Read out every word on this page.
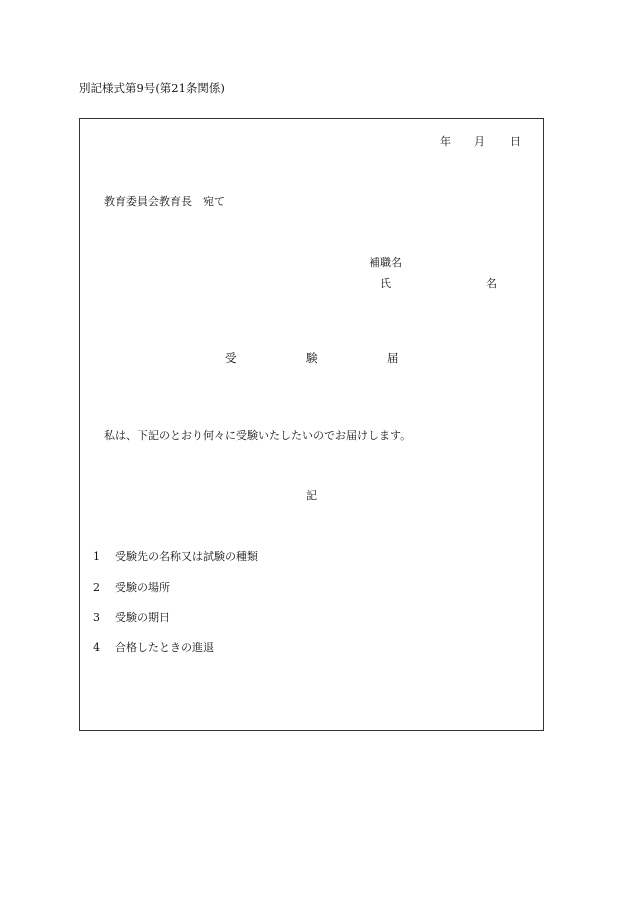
別記様式第9号(第21条関係)
年 月 日
教育委員会教育長　宛て
補職名
氏	名
受	験	届
私は、下記のとおり何々に受験いたしたいのでお届けします。
記
1 受験先の名称又は試験の種類
2 受験の場所
3 受験の期日
4 合格したときの進退
